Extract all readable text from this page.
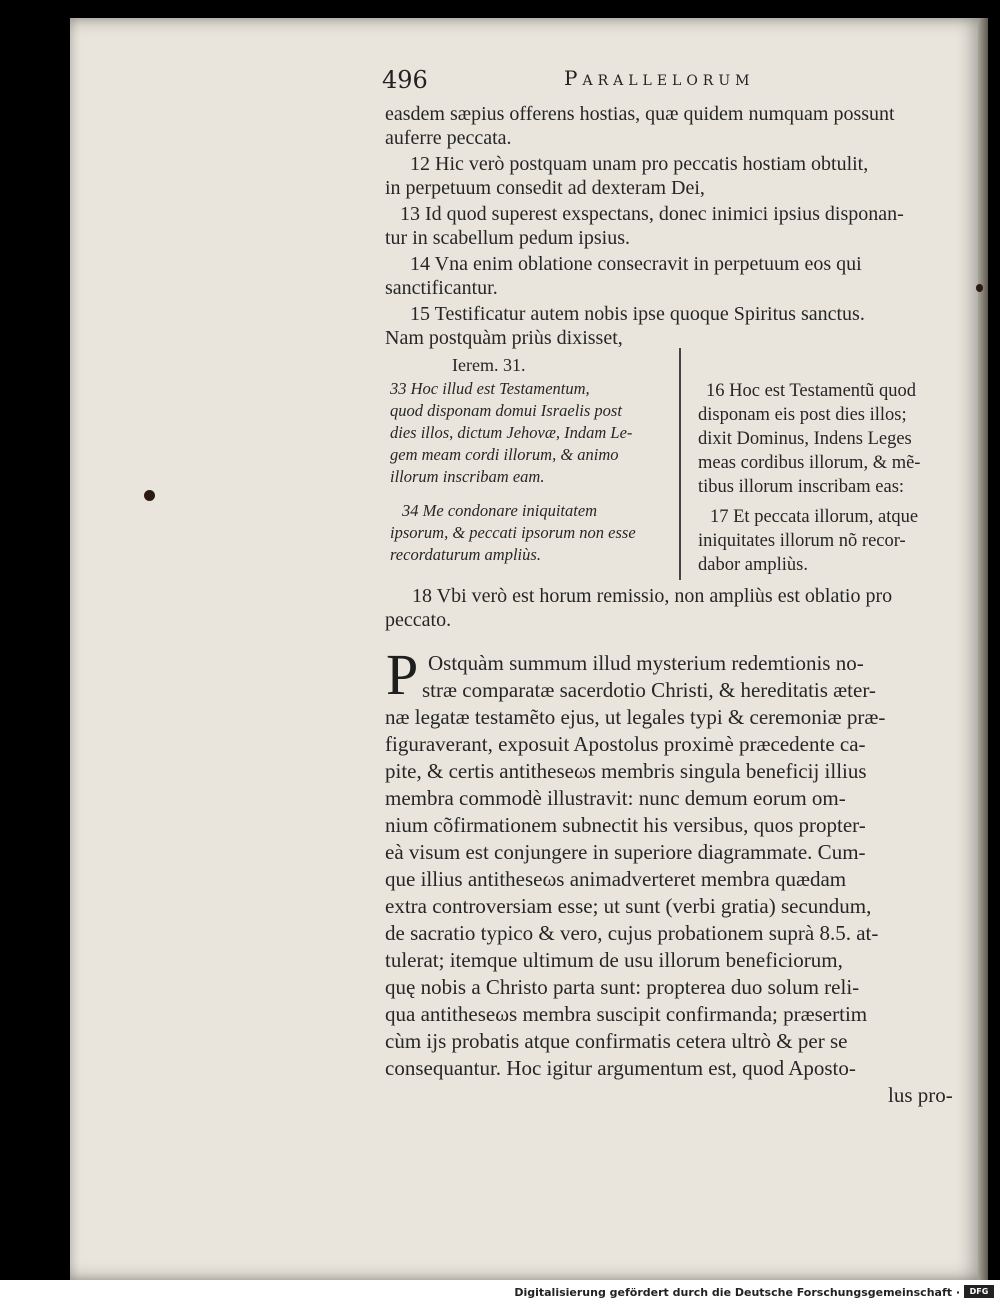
496	Parallelorum
easdem sæpius offerens hostias, quæ quidem numquam possunt
auferre peccata.
12 Hic verò postquam unam pro peccatis hostiam obtulit,
in perpetuum consedit ad dexteram Dei,
13 Id quod superest exspectans, donec inimici ipsius disponan-
tur in scabellum pedum ipsius.
14 Vna enim oblatione consecravit in perpetuum eos qui
sanctificantur.
15 Testificatur autem nobis ipse quoque Spiritus sanctus.
Nam postquàm priùs dixisset,
Ierem. 31.
33 Hoc illud est Testamentum,
quod disponam domui Israelis post
dies illos, dictum Jehovæ, Indam Le-
gem meam cordi illorum, & animo
illorum inscribam eam.
34 Me condonare iniquitatem
ipsorum, & peccati ipsorum non esse
recordaturum ampliùs.
16 Hoc est Testamentũ quod
disponam eis post dies illos;
dixit Dominus, Indens Leges
meas cordibus illorum, & mẽ-
tibus illorum inscribam eas:
17 Et peccata illorum, atque
iniquitates illorum nõ recor-
dabor ampliùs.
18 Vbi verò est horum remissio, non ampliùs est oblatio pro
peccato.
P Ostquàm summum illud mysterium redemtionis no-
stræ comparatæ sacerdotio Christi, & hereditatis æter-
næ legatæ testamẽto ejus, ut legales typi & ceremoniæ præ-
figuraverant, exposuit Apostolus proximè præcedente ca-
pite, & certis antitheseωs membris singula beneficij illius
membra commodè illustravit: nunc demum eorum om-
nium cõfirmationem subnectit his versibus, quos propter-
eà visum est conjungere in superiore diagrammate. Cum-
que illius antitheseωs animadverteret membra quædam
extra controversiam esse; ut sunt (verbi gratia) secundum,
de sacratio typico & vero, cujus probationem suprà 8.5. at-
tulerat; itemque ultimum de usu illorum beneficiorum,
quę nobis a Christo parta sunt: propterea duo solum reli-
qua antitheseωs membra suscipit confirmanda; præsertim
cùm ijs probatis atque confirmatis cetera ultrò & per se
consequantur. Hoc igitur argumentum est, quod Aposto-
lus pro-
Digitalisierung gefördert durch die Deutsche Forschungsgemeinschaft ·	DFG
